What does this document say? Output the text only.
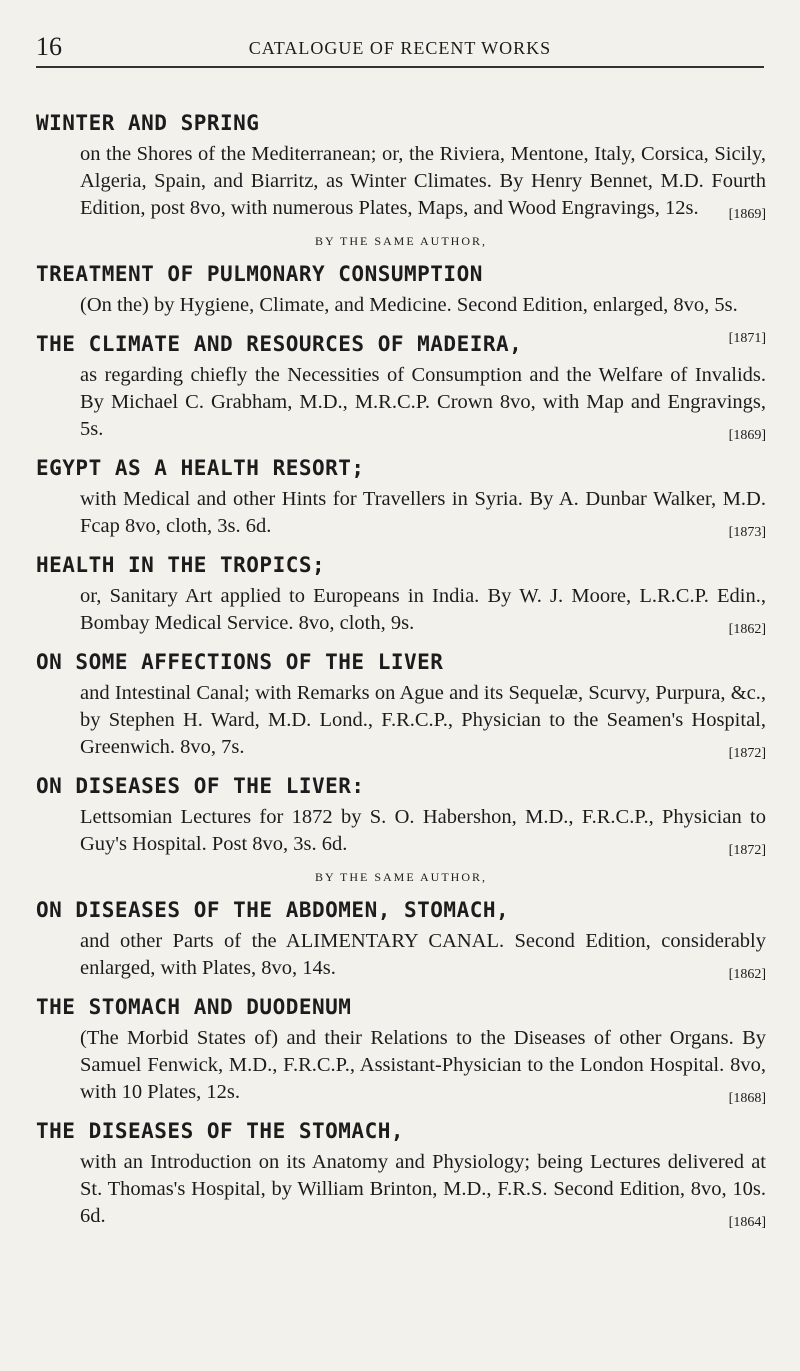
16	CATALOGUE OF RECENT WORKS
WINTER AND SPRING
on the Shores of the Mediterranean; or, the Riviera, Mentone, Italy, Corsica, Sicily, Algeria, Spain, and Biarritz, as Winter Climates. By Henry Bennet, M.D. Fourth Edition, post 8vo, with numerous Plates, Maps, and Wood Engravings, 12s. [1869]
BY THE SAME AUTHOR,
TREATMENT OF PULMONARY CONSUMPTION
(On the) by Hygiene, Climate, and Medicine. Second Edition, enlarged, 8vo, 5s.
[1871]
THE CLIMATE AND RESOURCES OF MADEIRA,
as regarding chiefly the Necessities of Consumption and the Welfare of Invalids. By Michael C. Grabham, M.D., M.R.C.P. Crown 8vo, with Map and Engravings, 5s.	[1869]
EGYPT AS A HEALTH RESORT;
with Medical and other Hints for Travellers in Syria. By A. Dunbar Walker, M.D. Fcap 8vo, cloth, 3s. 6d.	[1873]
HEALTH IN THE TROPICS;
or, Sanitary Art applied to Europeans in India. By W. J. Moore, L.R.C.P. Edin., Bombay Medical Service. 8vo, cloth, 9s.	[1862]
ON SOME AFFECTIONS OF THE LIVER
and Intestinal Canal; with Remarks on Ague and its Sequelæ, Scurvy, Purpura, &c., by Stephen H. Ward, M.D. Lond., F.R.C.P., Physician to the Seamen's Hospital, Greenwich. 8vo, 7s.	[1872]
ON DISEASES OF THE LIVER:
Lettsomian Lectures for 1872 by S. O. Habershon, M.D., F.R.C.P., Physician to Guy's Hospital. Post 8vo, 3s. 6d.	[1872]
BY THE SAME AUTHOR,
ON DISEASES OF THE ABDOMEN, STOMACH,
and other Parts of the ALIMENTARY CANAL. Second Edition, considerably enlarged, with Plates, 8vo, 14s.	[1862]
THE STOMACH AND DUODENUM
(The Morbid States of) and their Relations to the Diseases of other Organs. By Samuel Fenwick, M.D., F.R.C.P., Assistant-Physician to the London Hospital. 8vo, with 10 Plates, 12s.	[1868]
THE DISEASES OF THE STOMACH,
with an Introduction on its Anatomy and Physiology; being Lectures delivered at St. Thomas's Hospital, by William Brinton, M.D., F.R.S. Second Edition, 8vo, 10s. 6d.	[1864]
